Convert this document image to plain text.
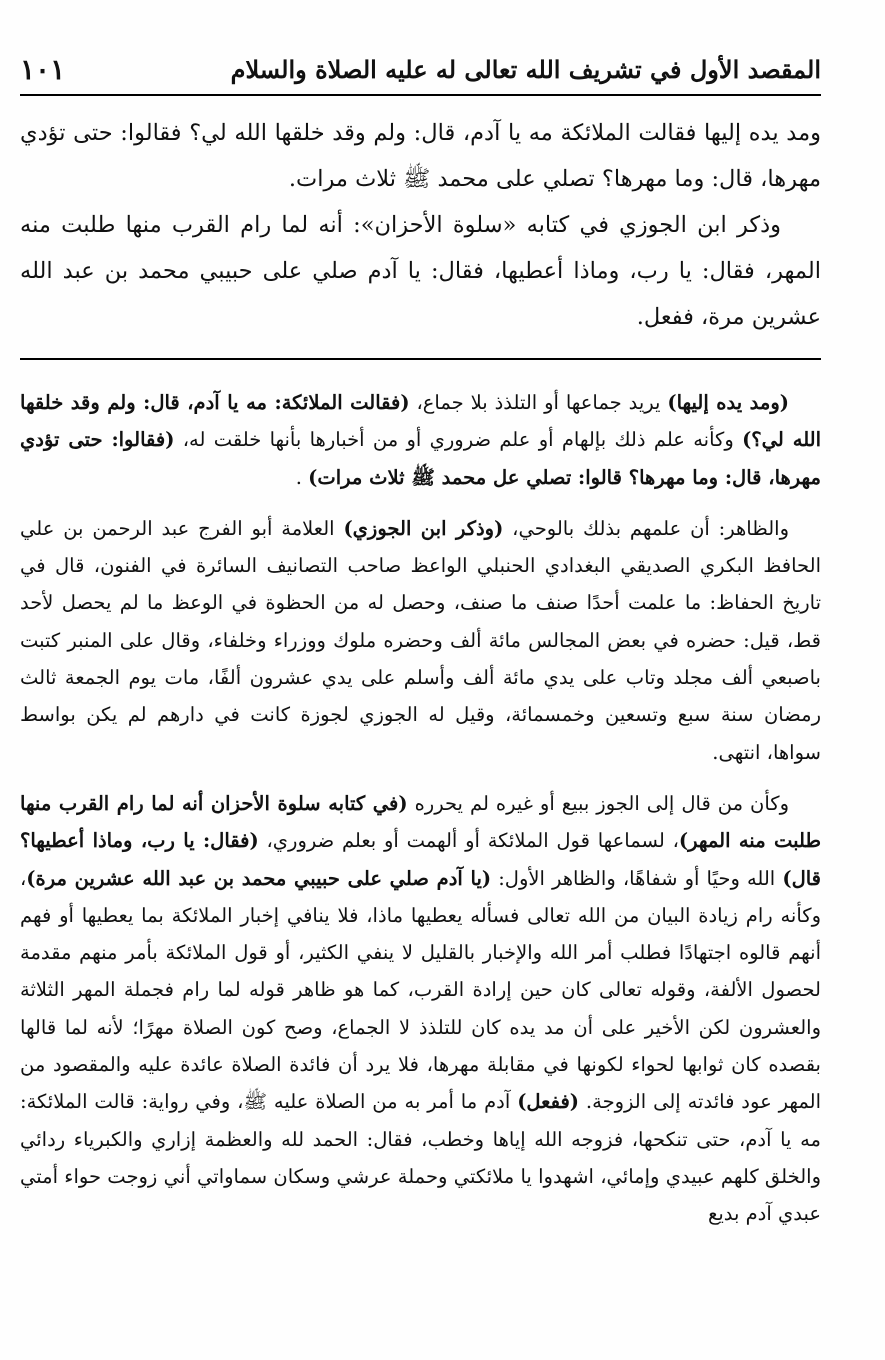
المقصد الأول في تشريف الله تعالى له عليه الصلاة والسلام
١٠١

ومد يده إليها فقالت الملائكة مه يا آدم، قال: ولم وقد خلقها الله لي؟ فقالوا: حتى تؤدي مهرها، قال: وما مهرها؟ تصلي على محمد ﷺ ثلاث مرات.

وذكر ابن الجوزي في كتابه «سلوة الأحزان»: أنه لما رام القرب منها طلبت منه المهر، فقال: يا رب، وماذا أعطيها، فقال: يا آدم صلي على حبيبي محمد بن عبد الله عشرين مرة، ففعل.

(ومد يده إليها) يريد جماعها أو التلذذ بلا جماع، (فقالت الملائكة: مه يا آدم، قال: ولم وقد خلقها الله لي؟) وكأنه علم ذلك بإلهام أو علم ضروري أو من أخبارها بأنها خلقت له، (فقالوا: حتى تؤدي مهرها، قال: وما مهرها؟ قالوا: تصلي عل محمد ﷺ ثلاث مرات) .

والظاهر: أن علمهم بذلك بالوحي، (وذكر ابن الجوزي) العلامة أبو الفرج عبد الرحمن بن علي الحافظ البكري الصديقي البغدادي الحنبلي الواعظ صاحب التصانيف السائرة في الفنون، قال في تاريخ الحفاظ: ما علمت أحدًا صنف ما صنف، وحصل له من الحظوة في الوعظ ما لم يحصل لأحد قط، قيل: حضره في بعض المجالس مائة ألف وحضره ملوك ووزراء وخلفاء، وقال على المنبر كتبت باصبعي ألف مجلد وتاب على يدي مائة ألف وأسلم على يدي عشرون ألفًا، مات يوم الجمعة ثالث رمضان سنة سبع وتسعين وخمسمائة، وقيل له الجوزي لجوزة كانت في دارهم لم يكن بواسط سواها، انتهى.

وكأن من قال إلى الجوز ببيع أو غيره لم يحرره (في كتابه سلوة الأحزان أنه لما رام القرب منها طلبت منه المهر)، لسماعها قول الملائكة أو ألهمت أو بعلم ضروري، (فقال: يا رب، وماذا أعطيها؟ قال) الله وحيًا أو شفاهًا، والظاهر الأول: (يا آدم صلي على حبيبي محمد بن عبد الله عشرين مرة)، وكأنه رام زيادة البيان من الله تعالى فسأله يعطيها ماذا، فلا ينافي إخبار الملائكة بما يعطيها أو فهم أنهم قالوه اجتهادًا فطلب أمر الله والإخبار بالقليل لا ينفي الكثير، أو قول الملائكة بأمر منهم مقدمة لحصول الألفة، وقوله تعالى كان حين إرادة القرب، كما هو ظاهر قوله لما رام فجملة المهر الثلاثة والعشرون لكن الأخير على أن مد يده كان للتلذذ لا الجماع، وصح كون الصلاة مهرًا؛ لأنه لما قالها بقصده كان ثوابها لحواء لكونها في مقابلة مهرها، فلا يرد أن فائدة الصلاة عائدة عليه والمقصود من المهر عود فائدته إلى الزوجة. (ففعل) آدم ما أمر به من الصلاة عليه ﷺ، وفي رواية: قالت الملائكة: مه يا آدم، حتى تنكحها، فزوجه الله إياها وخطب، فقال: الحمد لله والعظمة إزاري والكبرياء ردائي والخلق كلهم عبيدي وإمائي، اشهدوا يا ملائكتي وحملة عرشي وسكان سماواتي أني زوجت حواء أمتي عبدي آدم بديع
